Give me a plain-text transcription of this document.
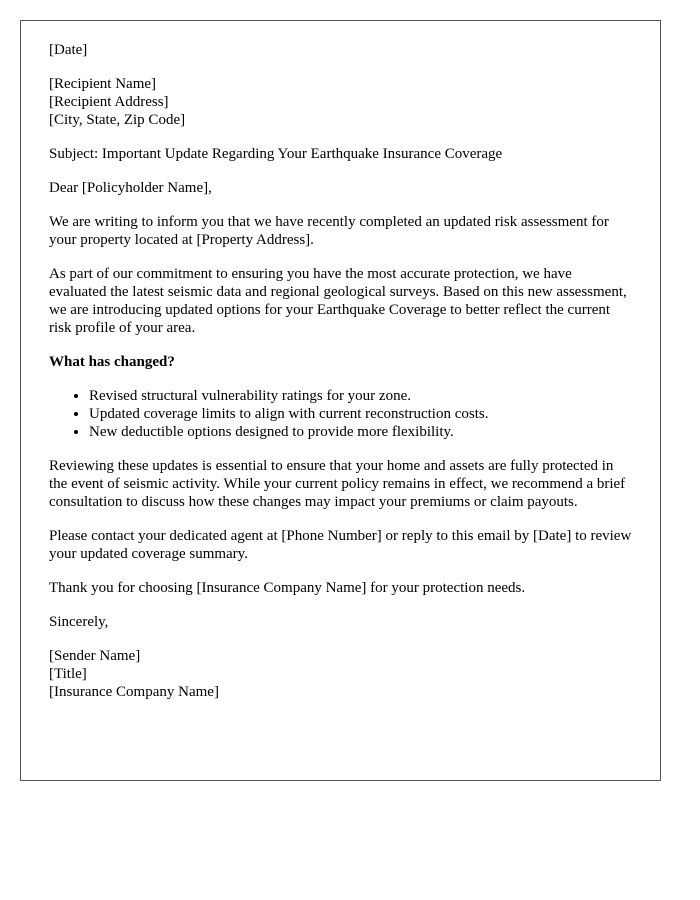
[Date]

[Recipient Name]
[Recipient Address]
[City, State, Zip Code]

Subject: Important Update Regarding Your Earthquake Insurance Coverage

Dear [Policyholder Name],

We are writing to inform you that we have recently completed an updated risk assessment for your property located at [Property Address].

As part of our commitment to ensuring you have the most accurate protection, we have evaluated the latest seismic data and regional geological surveys. Based on this new assessment, we are introducing updated options for your Earthquake Coverage to better reflect the current risk profile of your area.

What has changed?

• Revised structural vulnerability ratings for your zone.
• Updated coverage limits to align with current reconstruction costs.
• New deductible options designed to provide more flexibility.

Reviewing these updates is essential to ensure that your home and assets are fully protected in the event of seismic activity. While your current policy remains in effect, we recommend a brief consultation to discuss how these changes may impact your premiums or claim payouts.

Please contact your dedicated agent at [Phone Number] or reply to this email by [Date] to review your updated coverage summary.

Thank you for choosing [Insurance Company Name] for your protection needs.

Sincerely,

[Sender Name]
[Title]
[Insurance Company Name]
